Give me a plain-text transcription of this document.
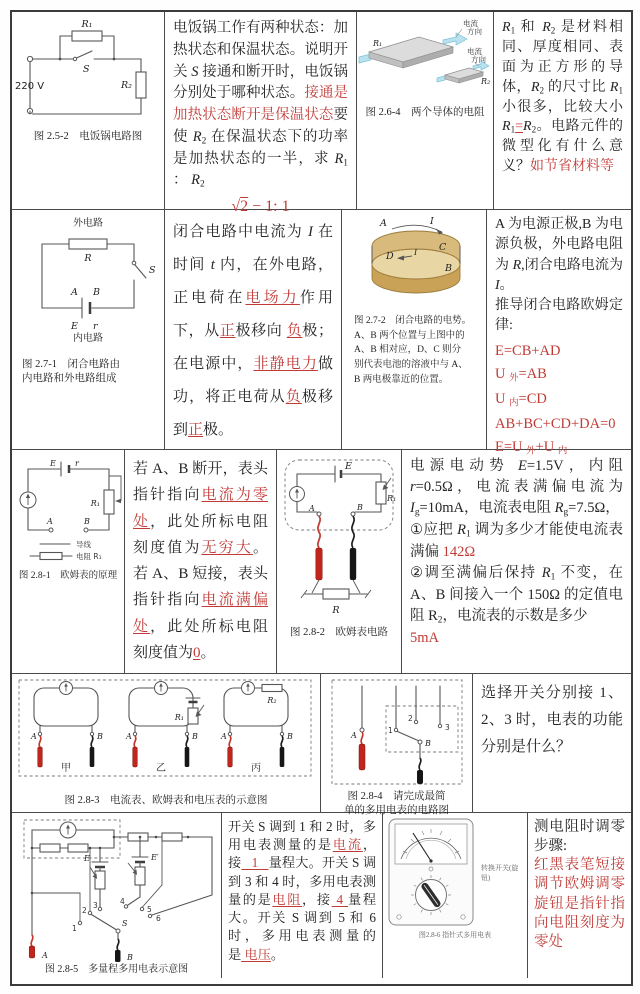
220 V
R₁
S
R₂
图 2.5-2　电饭锅电路图

电饭锅工作有两种状态：加热状态和保温状态。说明开关 S 接通和断开时，电饭锅分别处于哪种状态。接通是加热状态断开是保温状态要使 R2 在保温状态下的功率是加热状态的一半，求 R1 ： R2

√2 − 1: 1
R₁
电流
方向
电流
方向
R₂
图 2.6-4　两个导体的电阻

R1 和 R2 是材料相同、厚度相同、表面为正方形的导体，R2 的尺寸比 R1 小很多，比较大小 R1=R2。电路元件的微型化有什么意义？如节省材料等

外电路
R
S
A B
E r
内电路
图 2.7-1　闭合电路由
内电路和外电路组成

闭合电路中电流为 I 在时间 t 内，在外电路，正电荷在电场力作用下，从正极移向 负极；在电源中，非静电力做功，将正电荷从负极移到正极。

A	I
C
D	I
B
图 2.7-2　闭合电路的电势。
A、B 两个位置与上图中的
A、B 相对应，D、C 则分
别代表电池的溶液中与 A、
B 两电极靠近的位置。

A 为电源正极,B 为电源负极，外电路电阻为 R,闭合电路电流为 I。
推导闭合电路欧姆定律:

E=CB+AD
U 外=AB
U 内=CD
AB+BC+CD+DA=0
E=U 外+U 内
E r
R₁
A	B
导线
电阻 R₁
图 2.8-1　欧姆表的原理

若 A、B 断开，表头指针指向电流为零处，此处所标电阻刻度值为无穷大。若 A、B 短接，表头指针指向电流满偏处，此处所标电阻刻度值为0。

E
A
R₁
B
R
图 2.8-2　欧姆表电路

电源电动势 E=1.5V，内阻 r=0.5Ω，电流表满偏电流为 Ig=10mA，电流表电阻 Rg=7.5Ω，
①应把 R1 调为多少才能使电流表满偏 142Ω
②调至满偏后保持 R1 不变，在 A、B 间接入一个 150Ω 的定值电阻 R2，电流表的示数是多少
5mA

A	B
甲
R₁
A	B
乙
R₂
A	B
丙
图 2.8-3　电流表、欧姆表和电压表的示意图
A
1
2
3
B
图 2.8-4　请完成最简
单的多用电表的电路图

选择开关分别接 1、2、3 时，电表的功能分别是什么？

6
E
3
E′
4
5
2
1
S
B
A
图 2.8-5　多量程多用电表示意图

开关 S 调到 1 和 2 时，多用电表测量的是电流，接   1   量程大。开关 S 调到 3 和 4 时，多用电表测量的是电阻，接 4 量程大。开关 S 调到 5 和 6 时，多用电表测量的是 电压。

转换开关(旋钮)
图2.8-6 指针式多用电表

测电阻时调零步骤:

红黑表笔短接调节欧姆调零旋钮是指针指向电阻刻度为零处
